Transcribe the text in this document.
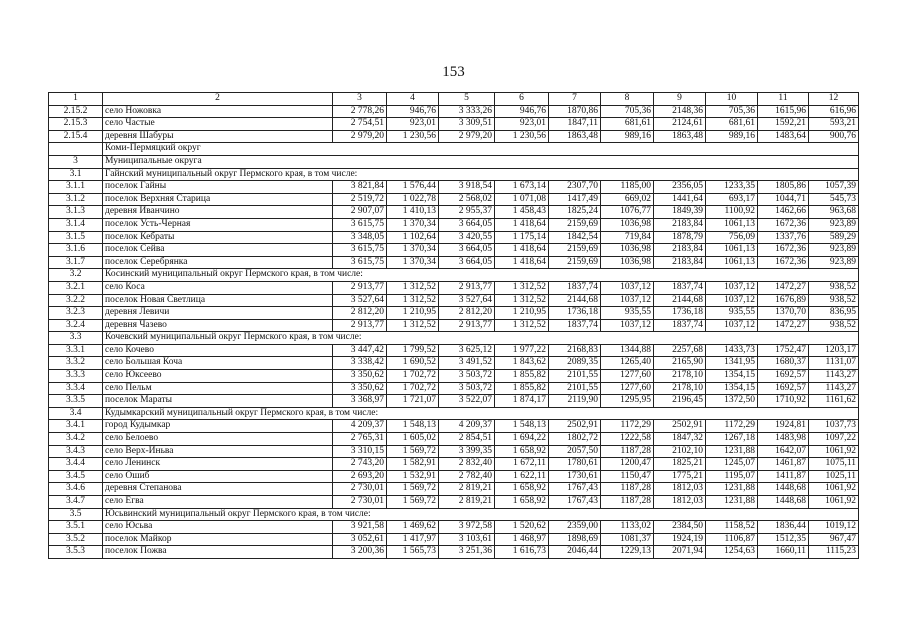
153
1	2	3	4	5	6	7	8	9	10	11	12
2.15.2	село Ножовка	2 778,26	946,76	3 333,26	946,76	1870,86	705,36	2148,36	705,36	1615,96	616,96
2.15.3	село Частые	2 754,51	923,01	3 309,51	923,01	1847,11	681,61	2124,61	681,61	1592,21	593,21
2.15.4	деревня Шабуры	2 979,20	1 230,56	2 979,20	1 230,56	1863,48	989,16	1863,48	989,16	1483,64	900,76
	Коми-Пермяцкий округ										
3	Муниципальные округа										
3.1	Гайнский муниципальный округ Пермского края, в том числе:										
3.1.1	поселок Гайны	3 821,84	1 576,44	3 918,54	1 673,14	2307,70	1185,00	2356,05	1233,35	1805,86	1057,39
3.1.2	поселок Верхняя Старица	2 519,72	1 022,78	2 568,02	1 071,08	1417,49	669,02	1441,64	693,17	1044,71	545,73
3.1.3	деревня Иванчино	2 907,07	1 410,13	2 955,37	1 458,43	1825,24	1076,77	1849,39	1100,92	1462,66	963,68
3.1.4	поселок Усть-Черная	3 615,75	1 370,34	3 664,05	1 418,64	2159,69	1036,98	2183,84	1061,13	1672,36	923,89
3.1.5	поселок Кебраты	3 348,05	1 102,64	3 420,55	1 175,14	1842,54	719,84	1878,79	756,09	1337,76	589,29
3.1.6	поселок Сейва	3 615,75	1 370,34	3 664,05	1 418,64	2159,69	1036,98	2183,84	1061,13	1672,36	923,89
3.1.7	поселок Серебрянка	3 615,75	1 370,34	3 664,05	1 418,64	2159,69	1036,98	2183,84	1061,13	1672,36	923,89
3.2	Косинский муниципальный округ Пермского края, в том числе:										
3.2.1	село Коса	2 913,77	1 312,52	2 913,77	1 312,52	1837,74	1037,12	1837,74	1037,12	1472,27	938,52
3.2.2	поселок Новая Светлица	3 527,64	1 312,52	3 527,64	1 312,52	2144,68	1037,12	2144,68	1037,12	1676,89	938,52
3.2.3	деревня Левичи	2 812,20	1 210,95	2 812,20	1 210,95	1736,18	935,55	1736,18	935,55	1370,70	836,95
3.2.4	деревня Чазево	2 913,77	1 312,52	2 913,77	1 312,52	1837,74	1037,12	1837,74	1037,12	1472,27	938,52
3.3	Кочевский муниципальный округ Пермского края, в том числе:										
3.3.1	село Кочево	3 447,42	1 799,52	3 625,12	1 977,22	2168,83	1344,88	2257,68	1433,73	1752,47	1203,17
3.3.2	село Большая Коча	3 338,42	1 690,52	3 491,52	1 843,62	2089,35	1265,40	2165,90	1341,95	1680,37	1131,07
3.3.3	село Юксеево	3 350,62	1 702,72	3 503,72	1 855,82	2101,55	1277,60	2178,10	1354,15	1692,57	1143,27
3.3.4	село Пельм	3 350,62	1 702,72	3 503,72	1 855,82	2101,55	1277,60	2178,10	1354,15	1692,57	1143,27
3.3.5	поселок Мараты	3 368,97	1 721,07	3 522,07	1 874,17	2119,90	1295,95	2196,45	1372,50	1710,92	1161,62
3.4	Кудымкарский муниципальный округ Пермского края, в том числе:										
3.4.1	город Кудымкар	4 209,37	1 548,13	4 209,37	1 548,13	2502,91	1172,29	2502,91	1172,29	1924,81	1037,73
3.4.2	село Белоево	2 765,31	1 605,02	2 854,51	1 694,22	1802,72	1222,58	1847,32	1267,18	1483,98	1097,22
3.4.3	село Верх-Иньва	3 310,15	1 569,72	3 399,35	1 658,92	2057,50	1187,28	2102,10	1231,88	1642,07	1061,92
3.4.4	село Ленинск	2 743,20	1 582,91	2 832,40	1 672,11	1780,61	1200,47	1825,21	1245,07	1461,87	1075,11
3.4.5	село Ошиб	2 693,20	1 532,91	2 782,40	1 622,11	1730,61	1150,47	1775,21	1195,07	1411,87	1025,11
3.4.6	деревня Степанова	2 730,01	1 569,72	2 819,21	1 658,92	1767,43	1187,28	1812,03	1231,88	1448,68	1061,92
3.4.7	село Егва	2 730,01	1 569,72	2 819,21	1 658,92	1767,43	1187,28	1812,03	1231,88	1448,68	1061,92
3.5	Юсьвинский муниципальный округ Пермского края, в том числе:										
3.5.1	село Юсьва	3 921,58	1 469,62	3 972,58	1 520,62	2359,00	1133,02	2384,50	1158,52	1836,44	1019,12
3.5.2	поселок Майкор	3 052,61	1 417,97	3 103,61	1 468,97	1898,69	1081,37	1924,19	1106,87	1512,35	967,47
3.5.3	поселок Пожва	3 200,36	1 565,73	3 251,36	1 616,73	2046,44	1229,13	2071,94	1254,63	1660,11	1115,23
